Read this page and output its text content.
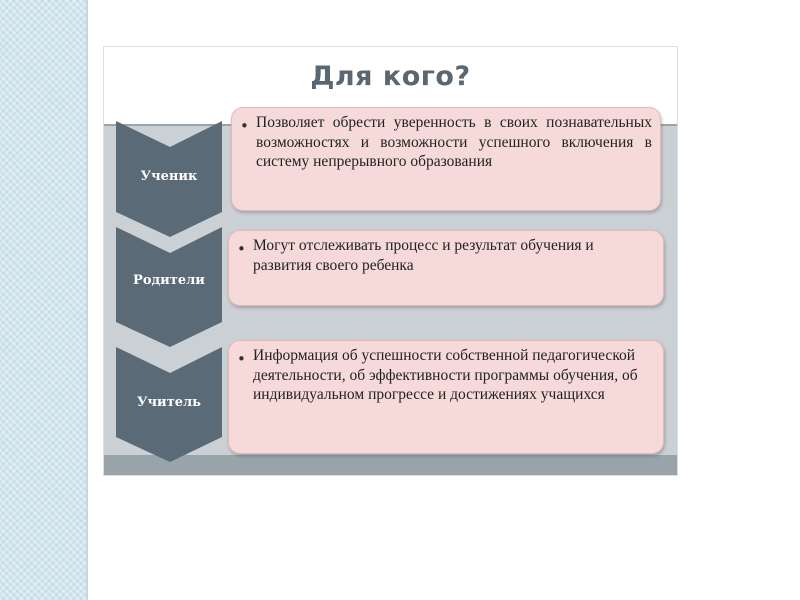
Для кого?
Ученик
Родители
Учитель
• Позволяет обрести уверенность в своих познавательных возможностях и возможности успешного включения в систему непрерывного образования
• Могут отслеживать процесс и результат обучения и развития своего ребенка
• Информация об успешности собственной педагогической деятельности, об эффективности программы обучения, об индивидуальном прогрессе и достижениях учащихся
